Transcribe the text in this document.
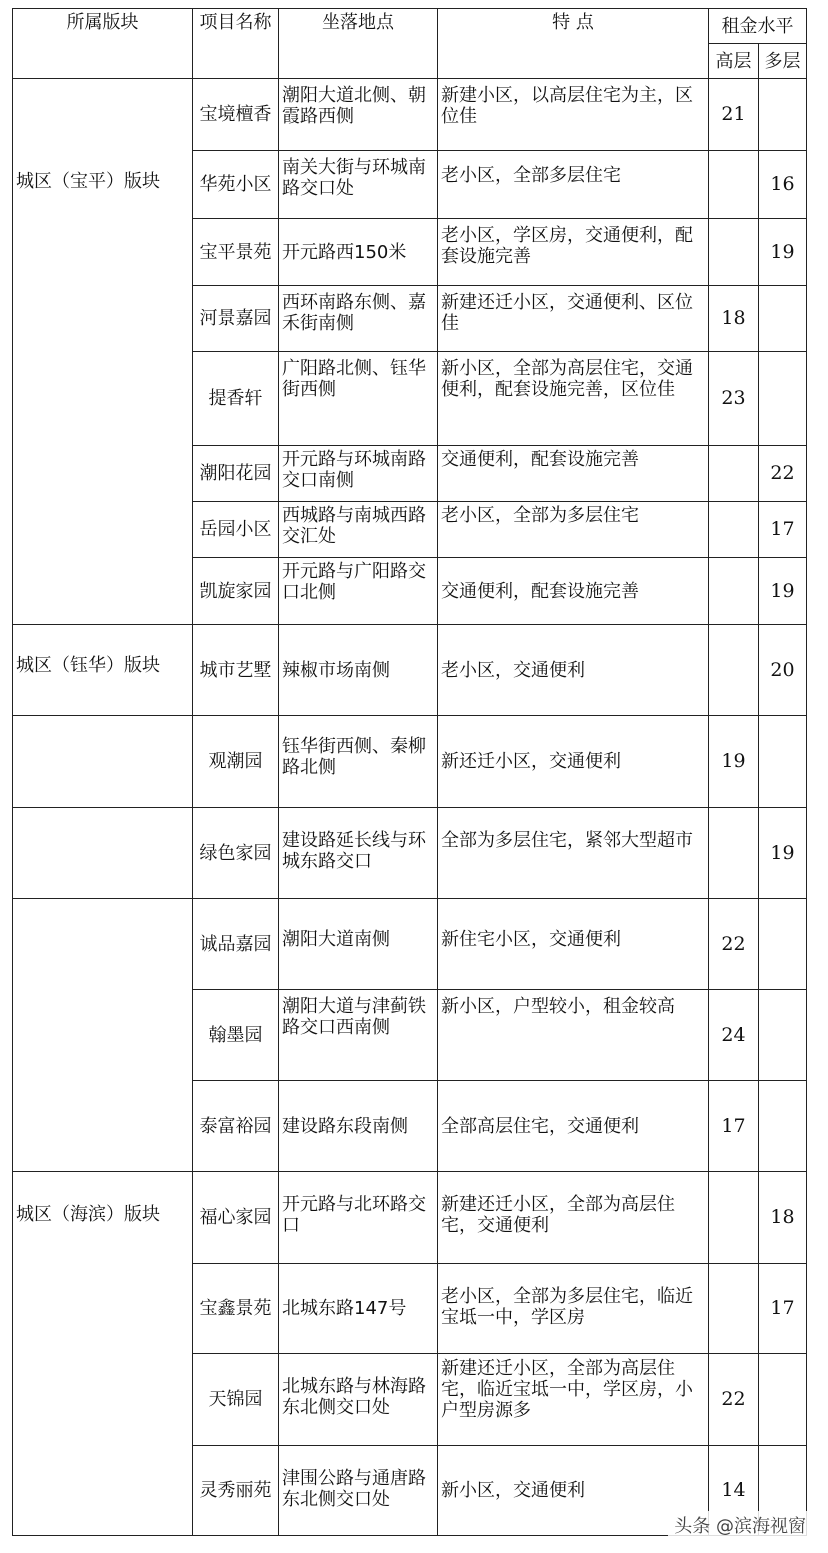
所属版块	项目名称	坐落地点	特 点	租金水平	
				高层	多层
城区（宝平）版块	宝境檀香	潮阳大道北侧、朝霞路西侧	新建小区，以高层住宅为主，区位佳	21	
	华苑小区	南关大街与环城南路交口处	老小区，全部多层住宅		16
	宝平景苑	开元路西150米	老小区，学区房，交通便利，配套设施完善		19
	河景嘉园	西环南路东侧、嘉禾街南侧	新建还迁小区，交通便利、区位佳	18	
	提香轩	广阳路北侧、钰华街西侧	新小区，全部为高层住宅，交通便利，配套设施完善，区位佳	23	
	潮阳花园	开元路与环城南路交口南侧	交通便利，配套设施完善		22
	岳园小区	西城路与南城西路交汇处	老小区，全部为多层住宅		17
	凯旋家园	开元路与广阳路交口北侧	交通便利，配套设施完善		19
城区（钰华）版块	城市艺墅	辣椒市场南侧	老小区，交通便利		20
	观潮园	钰华街西侧、秦柳路北侧	新还迁小区，交通便利	19	
	绿色家园	建设路延长线与环城东路交口	全部为多层住宅，紧邻大型超市		19
	诚品嘉园	潮阳大道南侧	新住宅小区，交通便利	22	
	翰墨园	潮阳大道与津蓟铁路交口西南侧	新小区，户型较小，租金较高	24	
	泰富裕园	建设路东段南侧	全部高层住宅，交通便利	17	
城区（海滨）版块	福心家园	开元路与北环路交口	新建还迁小区，全部为高层住宅，交通便利		18
	宝鑫景苑	北城东路147号	老小区，全部为多层住宅，临近宝坻一中，学区房		17
	天锦园	北城东路与林海路东北侧交口处	新建还迁小区，全部为高层住宅，临近宝坻一中，学区房，小户型房源多	22	
	灵秀丽苑	津围公路与通唐路东北侧交口处	新小区，交通便利	14	
头条 @滨海视窗
